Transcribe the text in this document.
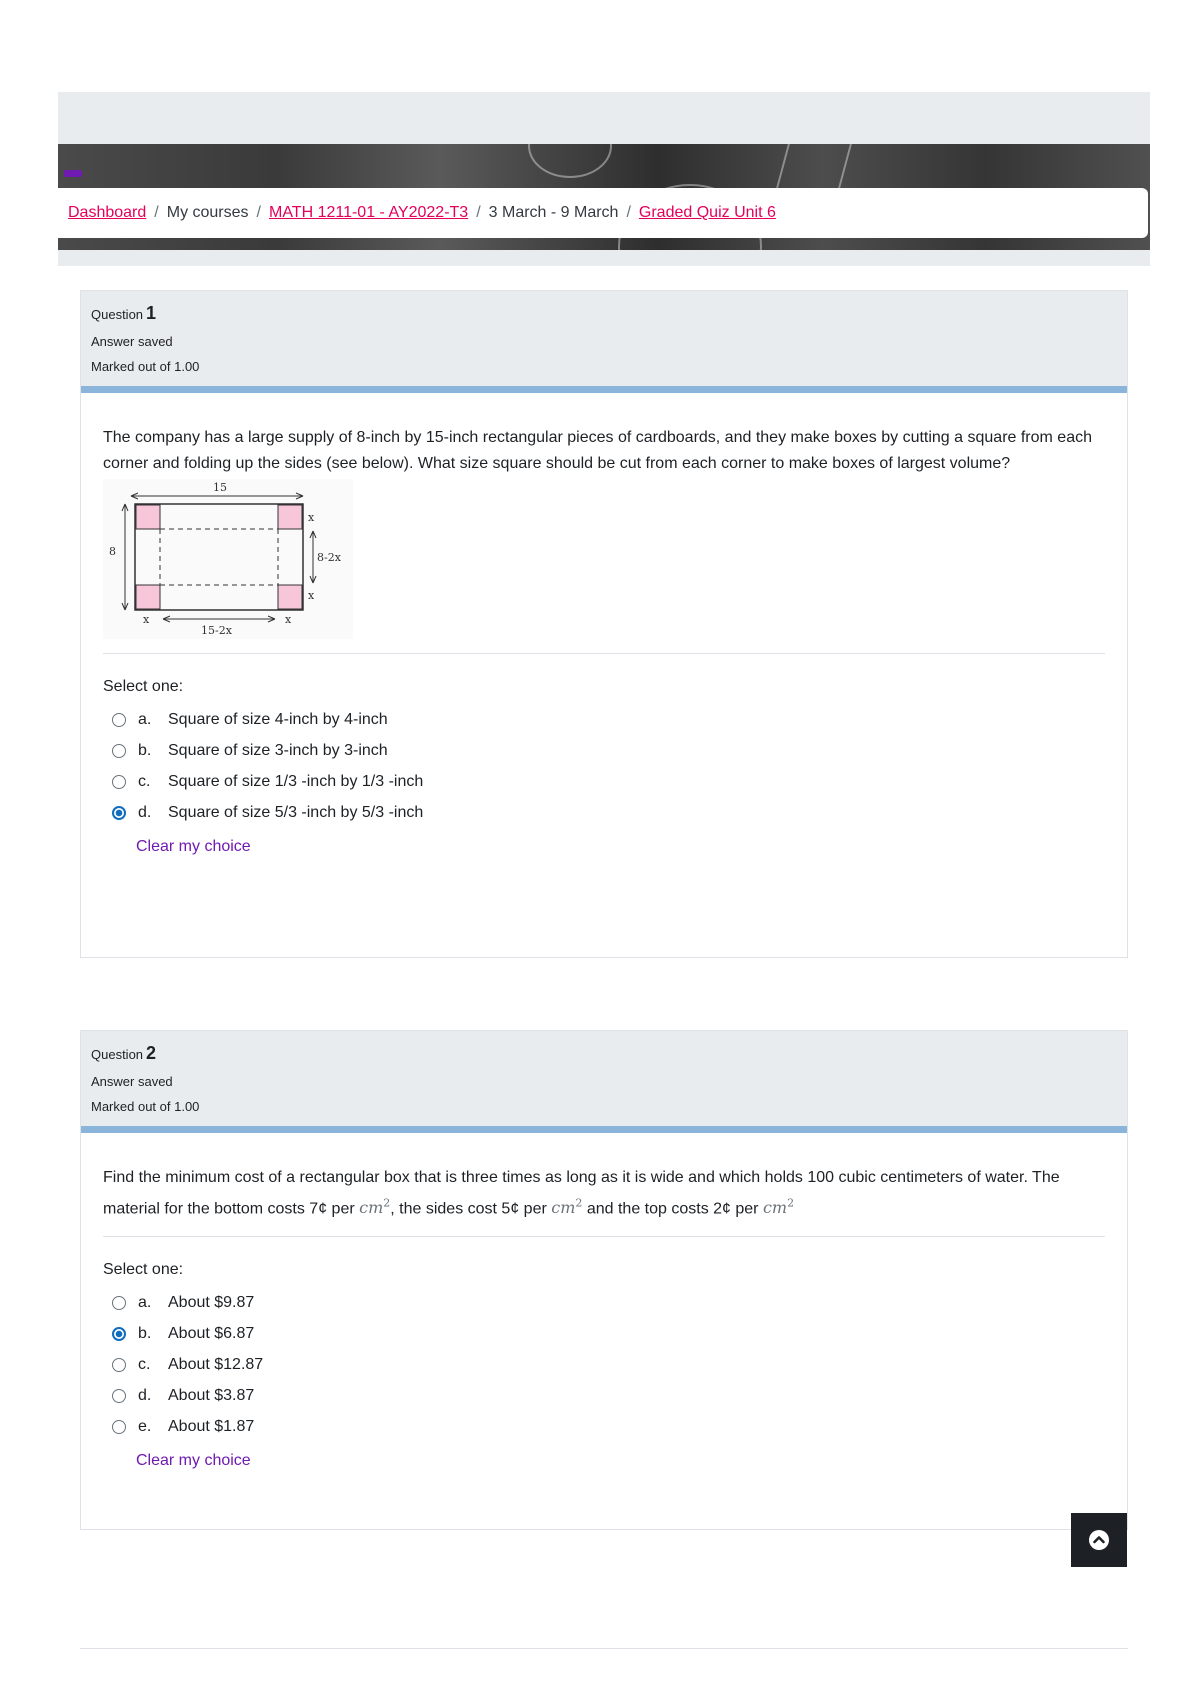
Dashboard / My courses / MATH 1211-01 - AY2022-T3 / 3 March - 9 March / Graded Quiz Unit 6
Question 1
Answer saved
Marked out of 1.00

The company has a large supply of 8-inch by 15-inch rectangular pieces of cardboards, and they make boxes by cutting a square from each corner and folding up the sides (see below). What size square should be cut from each corner to make boxes of largest volume?

15
8	8-2x
x
x
x	x
15-2x
Select one:
a.	Square of size 4-inch by 4-inch
b.	Square of size 3-inch by 3-inch
c.	Square of size 1/3 -inch by 1/3 -inch
d.	Square of size 5/3 -inch by 5/3 -inch
Clear my choice
Question 2
Answer saved
Marked out of 1.00

Find the minimum cost of a rectangular box that is three times as long as it is wide and which holds 100 cubic centimeters of water. The material for the bottom costs 7¢ per $cm^2$, the sides cost 5¢ per $cm^2$ and the top costs 2¢ per $cm^2$

Select one:
a.	About $9.87
b.	About $6.87
c.	About $12.87
d.	About $3.87
e.	About $1.87
Clear my choice
